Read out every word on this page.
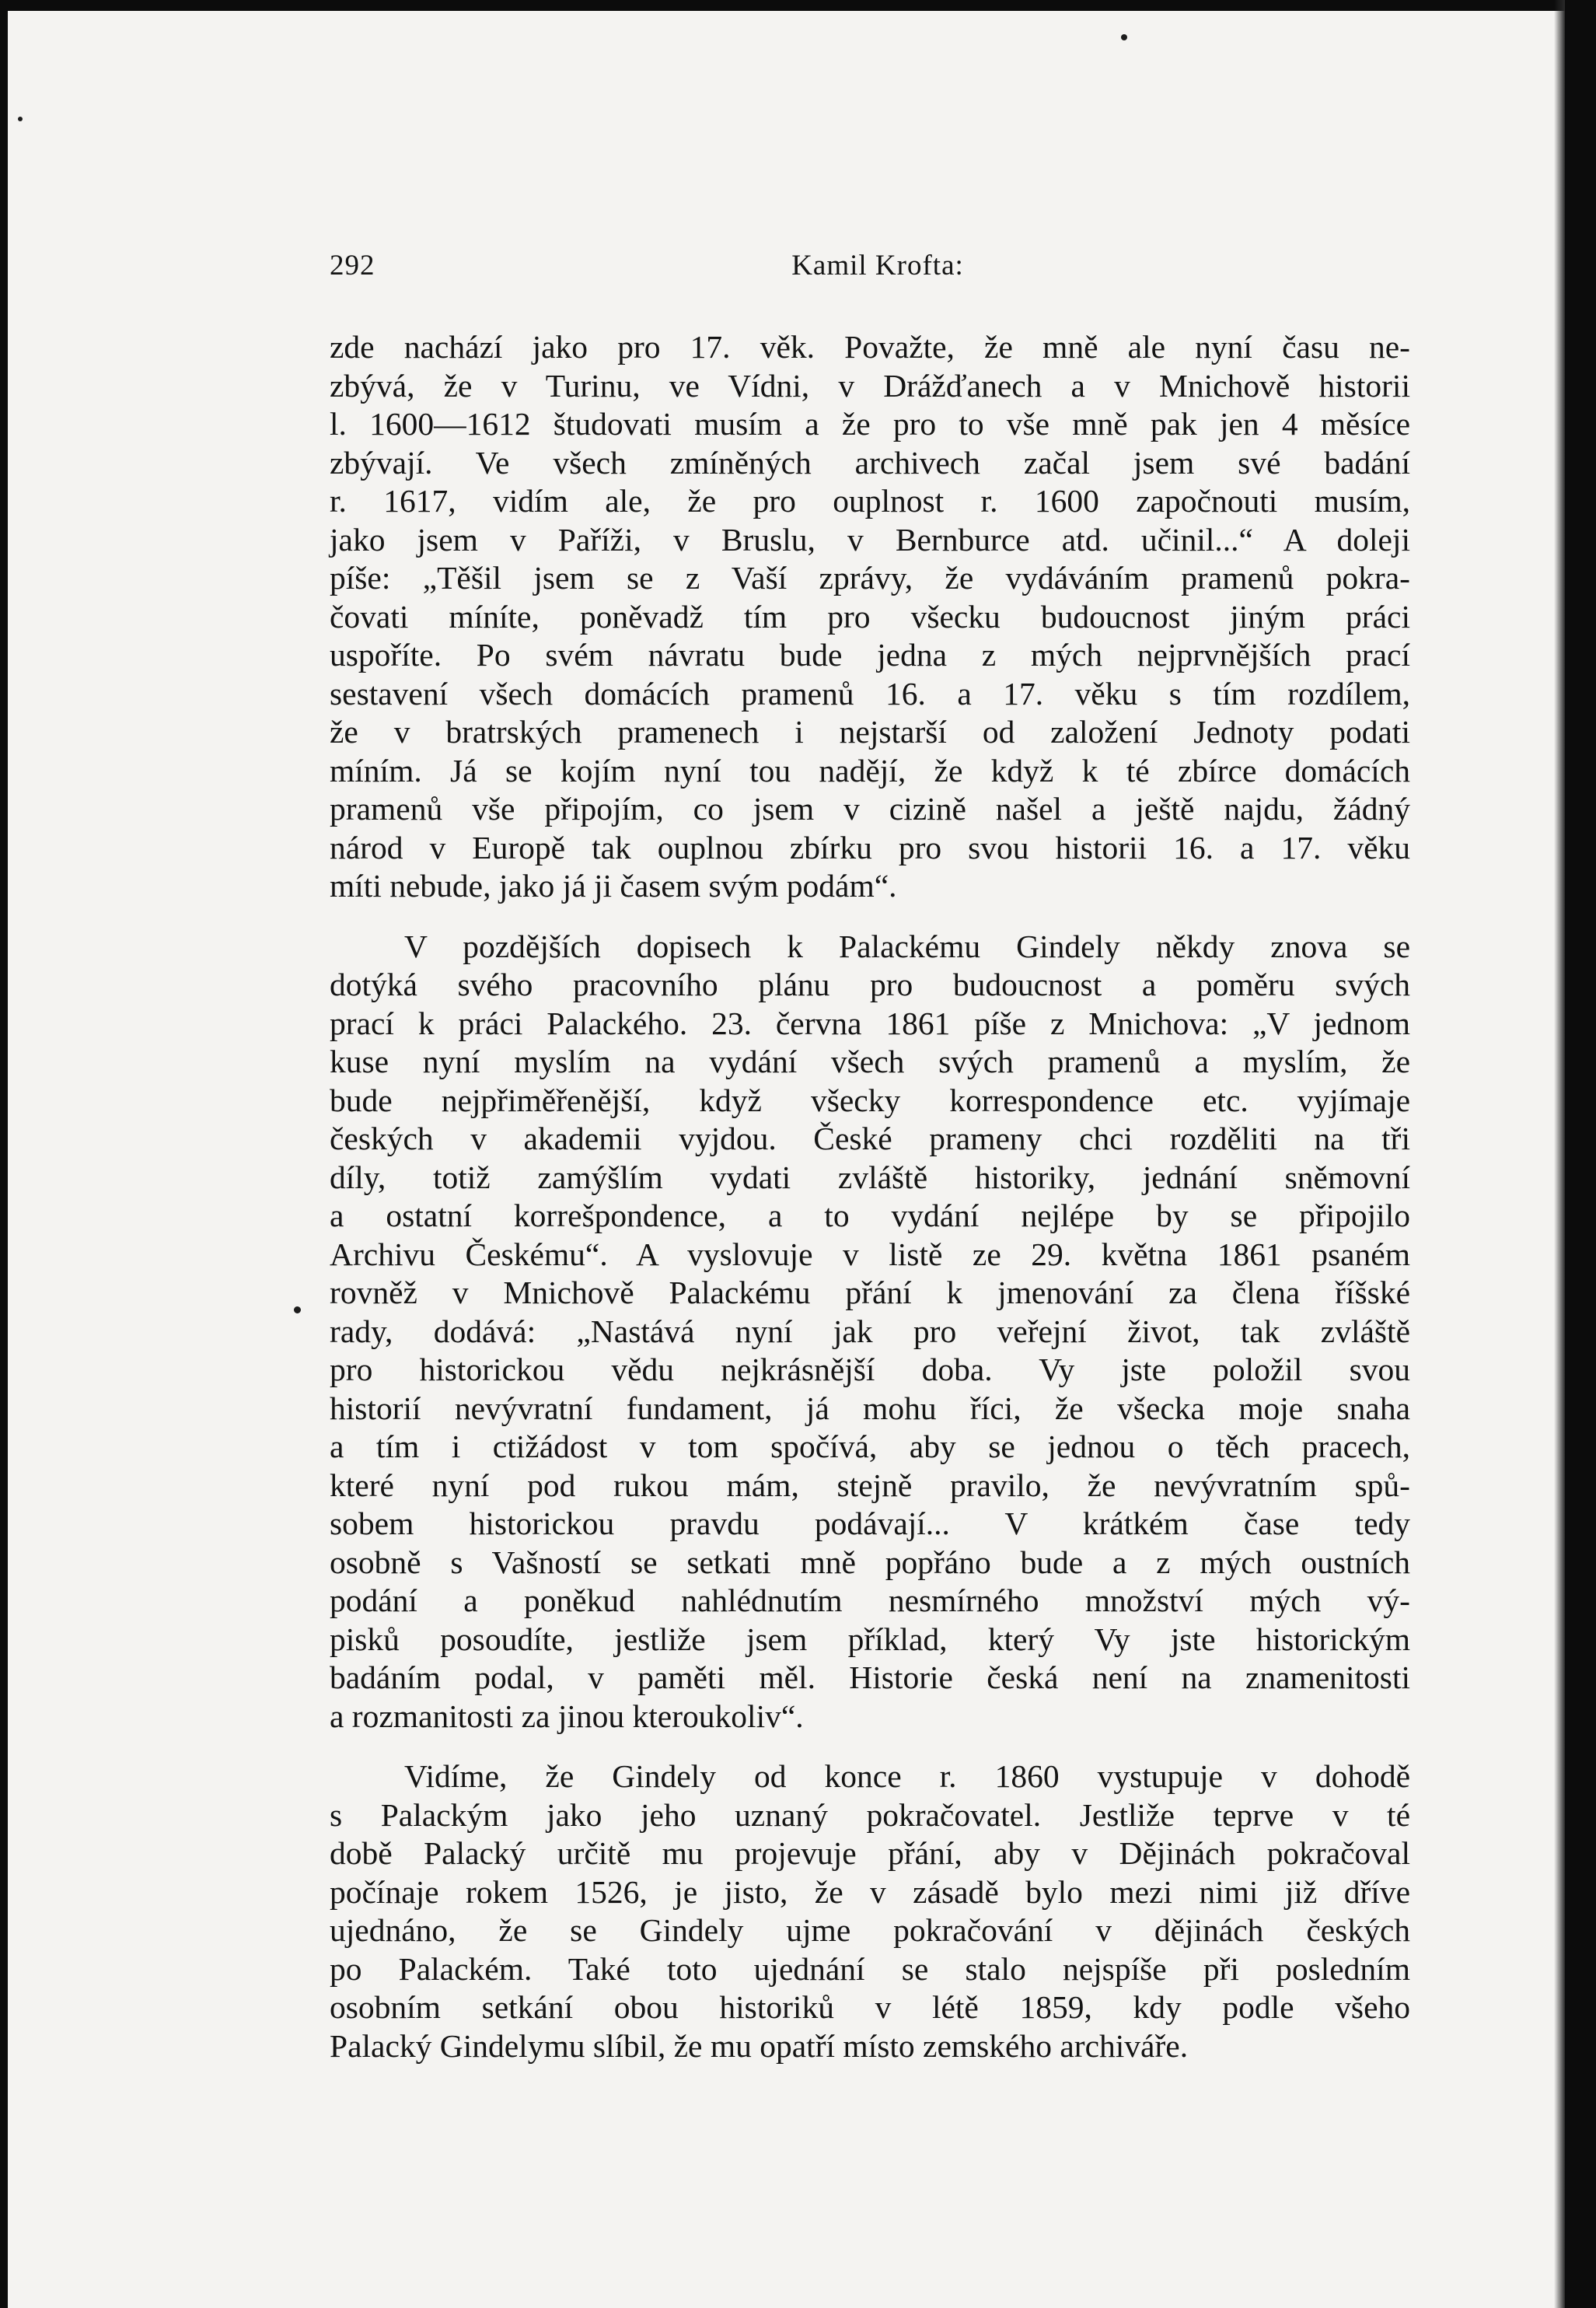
292	Kamil Krofta:

zde nachází jako pro 17. věk. Považte, že mně ale nyní času ne-
zbývá, že v Turinu, ve Vídni, v Drážďanech a v Mnichově historii
l. 1600—1612 študovati musím a že pro to vše mně pak jen 4 měsíce
zbývají. Ve všech zmíněných archivech začal jsem své badání
r. 1617, vidím ale, že pro ouplnost r. 1600 započnouti musím,
jako jsem v Paříži, v Bruslu, v Bernburce atd. učinil...“ A doleji
píše: „Těšil jsem se z Vaší zprávy, že vydáváním pramenů pokra-
čovati míníte, poněvadž tím pro všecku budoucnost jiným práci
uspoříte. Po svém návratu bude jedna z mých nejprvnějších prací
sestavení všech domácích pramenů 16. a 17. věku s tím rozdílem,
že v bratrských pramenech i nejstarší od založení Jednoty podati
míním. Já se kojím nyní tou nadějí, že když k té zbírce domácích
pramenů vše připojím, co jsem v cizině našel a ještě najdu, žádný
národ v Europě tak ouplnou zbírku pro svou historii 16. a 17. věku
míti nebude, jako já ji časem svým podám“.

V pozdějších dopisech k Palackému Gindely někdy znova se
dotýká svého pracovního plánu pro budoucnost a poměru svých
prací k práci Palackého. 23. června 1861 píše z Mnichova: „V jednom
kuse nyní myslím na vydání všech svých pramenů a myslím, že
bude nejpřiměřenější, když všecky korrespondence etc. vyjímaje
českých v akademii vyjdou. České prameny chci rozděliti na tři
díly, totiž zamýšlím vydati zvláště historiky, jednání sněmovní
a ostatní korrešpondence, a to vydání nejlépe by se připojilo
Archivu Českému“. A vyslovuje v listě ze 29. května 1861 psaném
rovněž v Mnichově Palackému přání k jmenování za člena říšské
rady, dodává: „Nastává nyní jak pro veřejní život, tak zvláště
pro historickou vědu nejkrásnější doba. Vy jste položil svou
historií nevývratní fundament, já mohu říci, že všecka moje snaha
a tím i ctižádost v tom spočívá, aby se jednou o těch pracech,
které nyní pod rukou mám, stejně pravilo, že nevývratním spů-
sobem historickou pravdu podávají... V krátkém čase tedy
osobně s Vašností se setkati mně popřáno bude a z mých oustních
podání a poněkud nahlédnutím nesmírného množství mých vý-
pisků posoudíte, jestliže jsem příklad, který Vy jste historickým
badáním podal, v paměti měl. Historie česká není na znamenitosti
a rozmanitosti za jinou kteroukoliv“.

Vidíme, že Gindely od konce r. 1860 vystupuje v dohodě
s Palackým jako jeho uznaný pokračovatel. Jestliže teprve v té
době Palacký určitě mu projevuje přání, aby v Dějinách pokračoval
počínaje rokem 1526, je jisto, že v zásadě bylo mezi nimi již dříve
ujednáno, že se Gindely ujme pokračování v dějinách českých
po Palackém. Také toto ujednání se stalo nejspíše při posledním
osobním setkání obou historiků v létě 1859, kdy podle všeho
Palacký Gindelymu slíbil, že mu opatří místo zemského archiváře.
